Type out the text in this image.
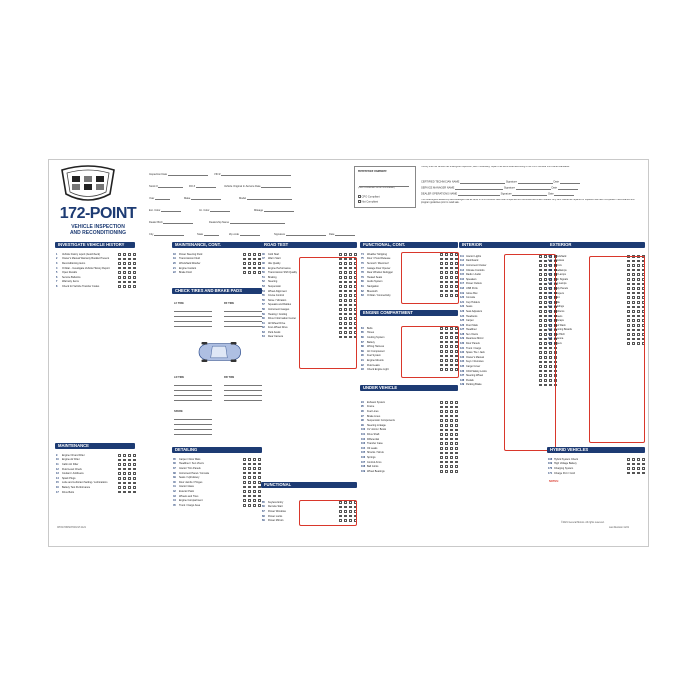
172-POINT
VEHICLE INSPECTION
AND RECONDITIONING
Inspection Date	VIN #
Stock #	RO #	Vehicle Original In-Service Date
Year	Make	Model
Ext. Color	Int. Color	Mileage
Dealer BAC	Dealership Name
City	State	Zip code	Signature	Date
Reference Number:
(Last 4 characters of the VIN number)
CPO Compliant
Not Compliant
I certify that this vehicle has undergone inspection, and if necessary, repair to all items listed according to the CPO Certified Pre-Owned standards.
CERTIFIED TECHNICIAN NAME	Signature	Date
SERVICE MANAGER NAME	Signature	Date
DEALER OPERATIONS NAME	Signature	Date
The undersigned dealership acknowledges that all items on this checklist have been inspected and reconditioned where needed. Any item marked as repaired or replaced has been completed in accordance with program guidelines prior to retail sale.
INVESTIGATE VEHICLE HISTORY
1	Vehicle history report (AutoCheck)
2	Owner's Manual Warranty Booklet Present
3	Reconditioning items
4	OnStar - Investigate Vehicle History Report
5	Open Recalls
6	Service Bulletins
7	Warranty Items
8	Check for Vehicle Transfer Codes
MAINTENANCE
9	Engine Oil and Filter
10	Engine Air Filter
11	Cabin Air Filter
12	Fluid Level Check
13	Coolant / Antifreeze
14	Spark Plugs
15	Lube and Lubricant Setting / Lubrications
16	Battery Test Performance
17	Drive Belts
MAINTENANCE, CONT.
18	Power Steering Fluid
19	Transmission Fluid
20	Windshield Washer
21	Engine Coolant
22	Brake Fluid
CHECK TIRES AND BRAKE PADS
DETAILING
35	Carpet / Floor Mats
36	Headliner / Sun Visors
37	Interior Trim Panels
38	Instrument Panel / Console
39	Seats / Upholstery
40	Door Jambs / Hinges
41	Interior Glass
42	Exterior Paint
43	Wheels and Tires
44	Engine Compartment
45	Trunk / Cargo Area
LF TIRE	RF TIRE
LR TIRE	RR TIRE
SPARE
ROAD TEST
46	Cold Start
47	Warm Start
48	Idle Quality
49	Engine Performance
50	Transmission Shift Quality
51	Braking
52	Steering
53	Suspension
54	Wheel Alignment
55	Cruise Control
56	Noise / Vibration
57	Squeaks and Rattles
58	Instrument Gauges
59	Heating / Cooling
60	Driver Information Center
61	All-Wheel Drive
62	Four-Wheel Drive
63	Park Assist
64	Rear Camera
FUNCTIONAL
65	Keyless Entry
66	Remote Start
67	Power Windows
68	Power Locks
69	Power Mirrors
FUNCTIONAL, CONT.
74	Weather Stripping
75	Door / Hood Release
76	Sunroof / Moonroof
77	Garage Door Opener
78	Rear Window Defogger
79	Heated Seats
80	Audio System
81	Navigation
82	Bluetooth
83	OnStar / Connectivity
ENGINE COMPARTMENT
84	Belts
85	Hoses
86	Cooling System
87	Battery
88	Wiring Harness
89	AC Compressor
90	Fuel System
91	Engine Mounts
92	Fluid Leaks
93	Check Engine Light
UNDER VEHICLE
94	Exhaust System
95	Frame
96	Fuel Lines
97	Brake Lines
98	Suspension Components
99	Steering Linkage
100 CV Joints / Boots
101 Drive Shaft
102 Differential
103 Transfer Case
104 Oil Leaks
105 Shocks / Struts
106 Springs
107 Control Arms
108 Ball Joints
109 Wheel Bearings
INTERIOR
111 Interior Lights
112 Dashboard
113 Instrument Cluster
114 Climate Controls
115 Radio / Audio
116 Speakers
117 Power Outlets
118 USB Ports
119 Glove Box
120 Console
121 Cup Holders
122 Seats
123 Seat Adjusters
124 Headrests
125 Carpet
126 Floor Mats
127 Headliner
128 Sun Visors
129 Rearview Mirror
130 Door Panels
131 Trunk / Cargo
132 Spare Tire / Jack
133 Owner's Manual
134 Keys / Remotes
135 Cargo Cover
136 Child Safety Locks
137 Steering Wheel
138 Pedals
139 Parking Brake
EXTERIOR
140 Windshield
141 Windows
142 Mirrors
143 Headlamps
144 Tail Lamps
145 Turn Signals
146 Fog Lamps
147 Body Panels
148 Bumpers
149 Paint
150 Grille
151 Moldings
152 Emblems
153 Wheels
154 Hubcaps
155 Roof Rack
156 Running Boards
157 Tow Hitch
158 Antenna
159 Wipers
HYBRID VEHICLES
168 Hybrid System Check
169 High Voltage Battery
170 Charging System
171 Charge Port / Cord
NOTES:
©2021 General Motors. All rights reserved.
Last Revision 11/21
CPO172INSCHCKLST-1121
